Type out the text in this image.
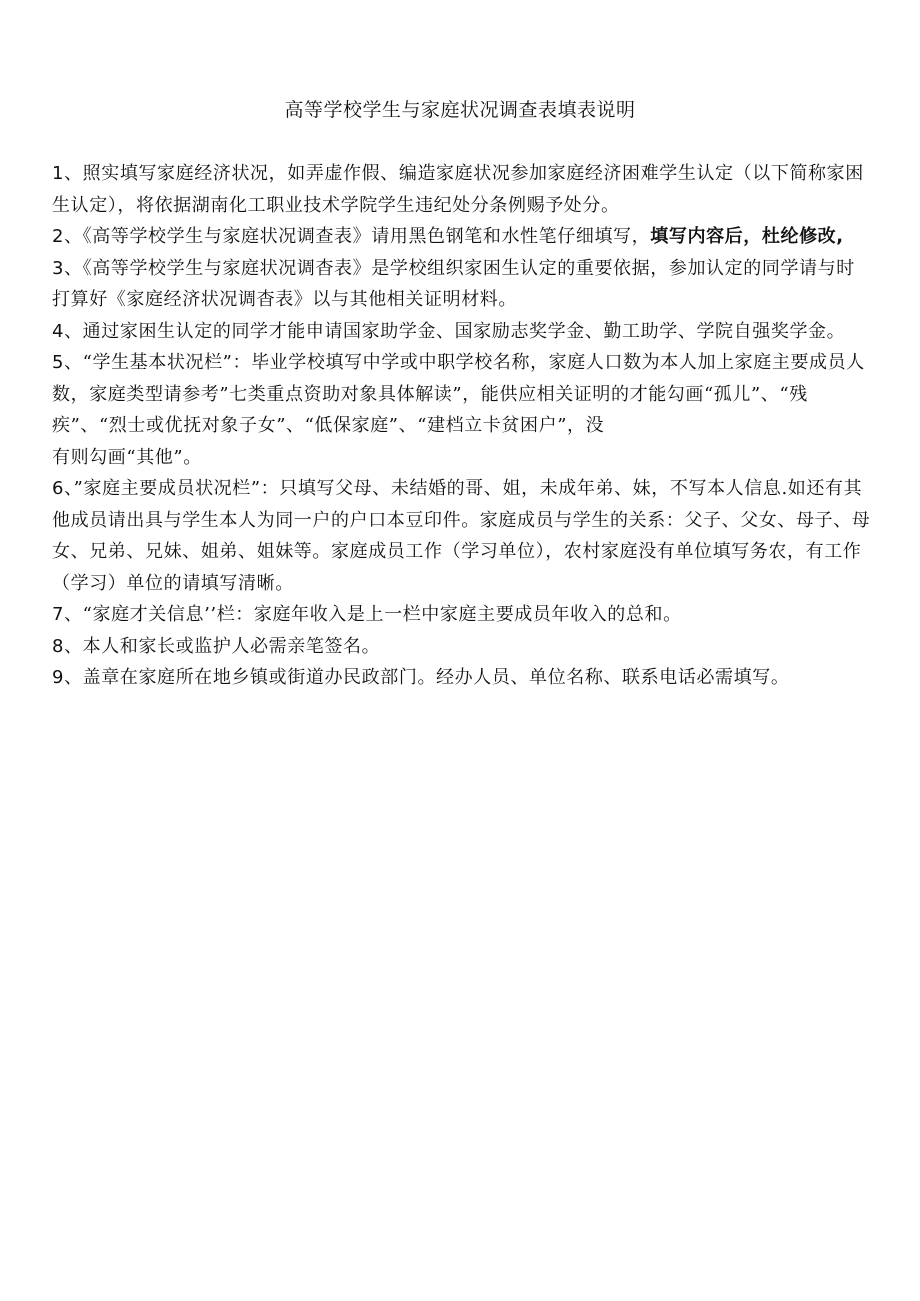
高等学校学生与家庭状况调查表填表说明
1、照实填写家庭经济状况，如弄虚作假、编造家庭状况参加家庭经济困难学生认定（以下简称家困生认定），将依据湖南化工职业技术学院学生违纪处分条例赐予处分。
2、《高等学校学生与家庭状况调查表》请用黑色钢笔和水性笔仔细填写，填写内容后，杜纶修改,
3、《高等学校学生与家庭状况调杳表》是学校组织家困生认定的重要依据，参加认定的同学请与时打算好《家庭经济状况调杳表》以与其他相关证明材料。
4、通过家困生认定的同学才能申请国家助学金、国家励志奖学金、勤工助学、学院自强奖学金。
5、“学生基本状况栏”：毕业学校填写中学或中职学校名称，家庭人口数为本人加上家庭主要成员人数，家庭类型请参考”七类重点资助对象具体解读”，能供应相关证明的才能勾画“孤儿”、“残疾”、“烈士或优抚对象子女”、“低保家庭”、“建档立卡贫困户”，没
有则勾画“其他”。
6、”家庭主要成员状况栏”：只填写父母、未结婚的哥、姐，未成年弟、妹，不写本人信息.如还有其他成员请出具与学生本人为同一户的户口本豆印件。家庭成员与学生的关系：父子、父女、母子、母女、兄弟、兄妹、姐弟、姐妹等。家庭成员工作（学习单位），农村家庭没有单位填写务农，有工作（学习）单位的请填写清晰。
7、“家庭才关信息’’栏：家庭年收入是上一栏中家庭主要成员年收入的总和。
8、本人和家长或监护人必需亲笔签名。
9、盖章在家庭所在地乡镇或街道办民政部门。经办人员、单位名称、联系电话必需填写。
